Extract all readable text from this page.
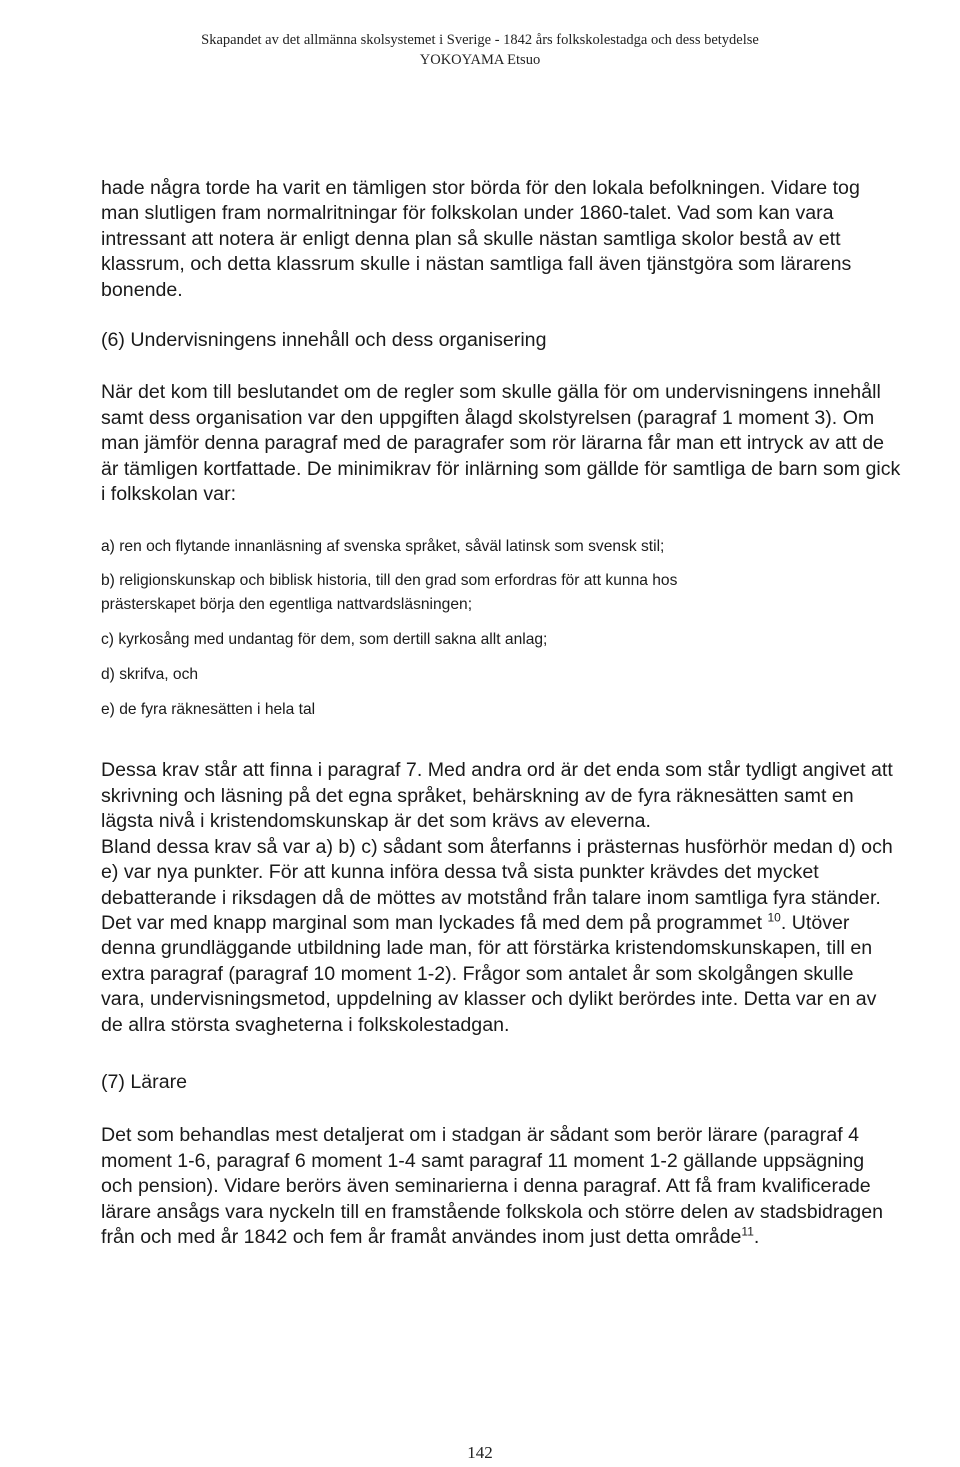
Skapandet av det allmänna skolsystemet i Sverige - 1842 års folkskolestadga och dess betydelse
YOKOYAMA Etsuo

hade några torde ha varit en tämligen stor börda för den lokala befolkningen. Vidare tog man slutligen fram normalritningar för folkskolan under 1860-talet. Vad som kan vara intressant att notera är enligt denna plan så skulle nästan samtliga skolor bestå av ett klassrum, och detta klassrum skulle i nästan samtliga fall även tjänstgöra som lärarens bonende.

(6) Undervisningens innehåll och dess organisering

När det kom till beslutandet om de regler som skulle gälla för om undervisningens innehåll samt dess organisation var den uppgiften ålagd skolstyrelsen (paragraf 1 moment 3). Om man jämför denna paragraf med de paragrafer som rör lärarna får man ett intryck av att de är tämligen kortfattade. De minimikrav för inlärning som gällde för samtliga de barn som gick i folkskolan var:

a) ren och flytande innanläsning af svenska språket, såväl latinsk som svensk stil;
b) religionskunskap och biblisk historia, till den grad som erfordras för att kunna hos
prästerskapet börja den egentliga nattvardsläsningen;
c) kyrkosång med undantag för dem, som dertill sakna allt anlag;
d) skrifva, och
e) de fyra räknesätten i hela tal

Dessa krav står att finna i paragraf 7. Med andra ord är det enda som står tydligt angivet att skrivning och läsning på det egna språket, behärskning av de fyra räknesätten samt en lägsta nivå i kristendomskunskap är det som krävs av eleverna.

Bland dessa krav så var a) b) c) sådant som återfanns i prästernas husförhör medan d) och e) var nya punkter. För att kunna införa dessa två sista punkter krävdes det mycket debatterande i riksdagen då de möttes av motstånd från talare inom samtliga fyra ständer. Det var med knapp marginal som man lyckades få med dem på programmet $^{10}$. Utöver denna grundläggande utbildning lade man, för att förstärka kristendomskunskapen, till en extra paragraf (paragraf 10 moment 1-2). Frågor som antalet år som skolgången skulle vara, undervisningsmetod, uppdelning av klasser och dylikt berördes inte. Detta var en av de allra största svagheterna i folkskolestadgan.

(7) Lärare

Det som behandlas mest detaljerat om i stadgan är sådant som berör lärare (paragraf 4 moment 1-6, paragraf 6 moment 1-4 samt paragraf 11 moment 1-2 gällande uppsägning och pension). Vidare berörs även seminarierna i denna paragraf. Att få fram kvalificerade lärare ansågs vara nyckeln till en framstående folkskola och större delen av stadsbidragen från och med år 1842 och fem år framåt användes inom just detta område$^{11}$.

142
